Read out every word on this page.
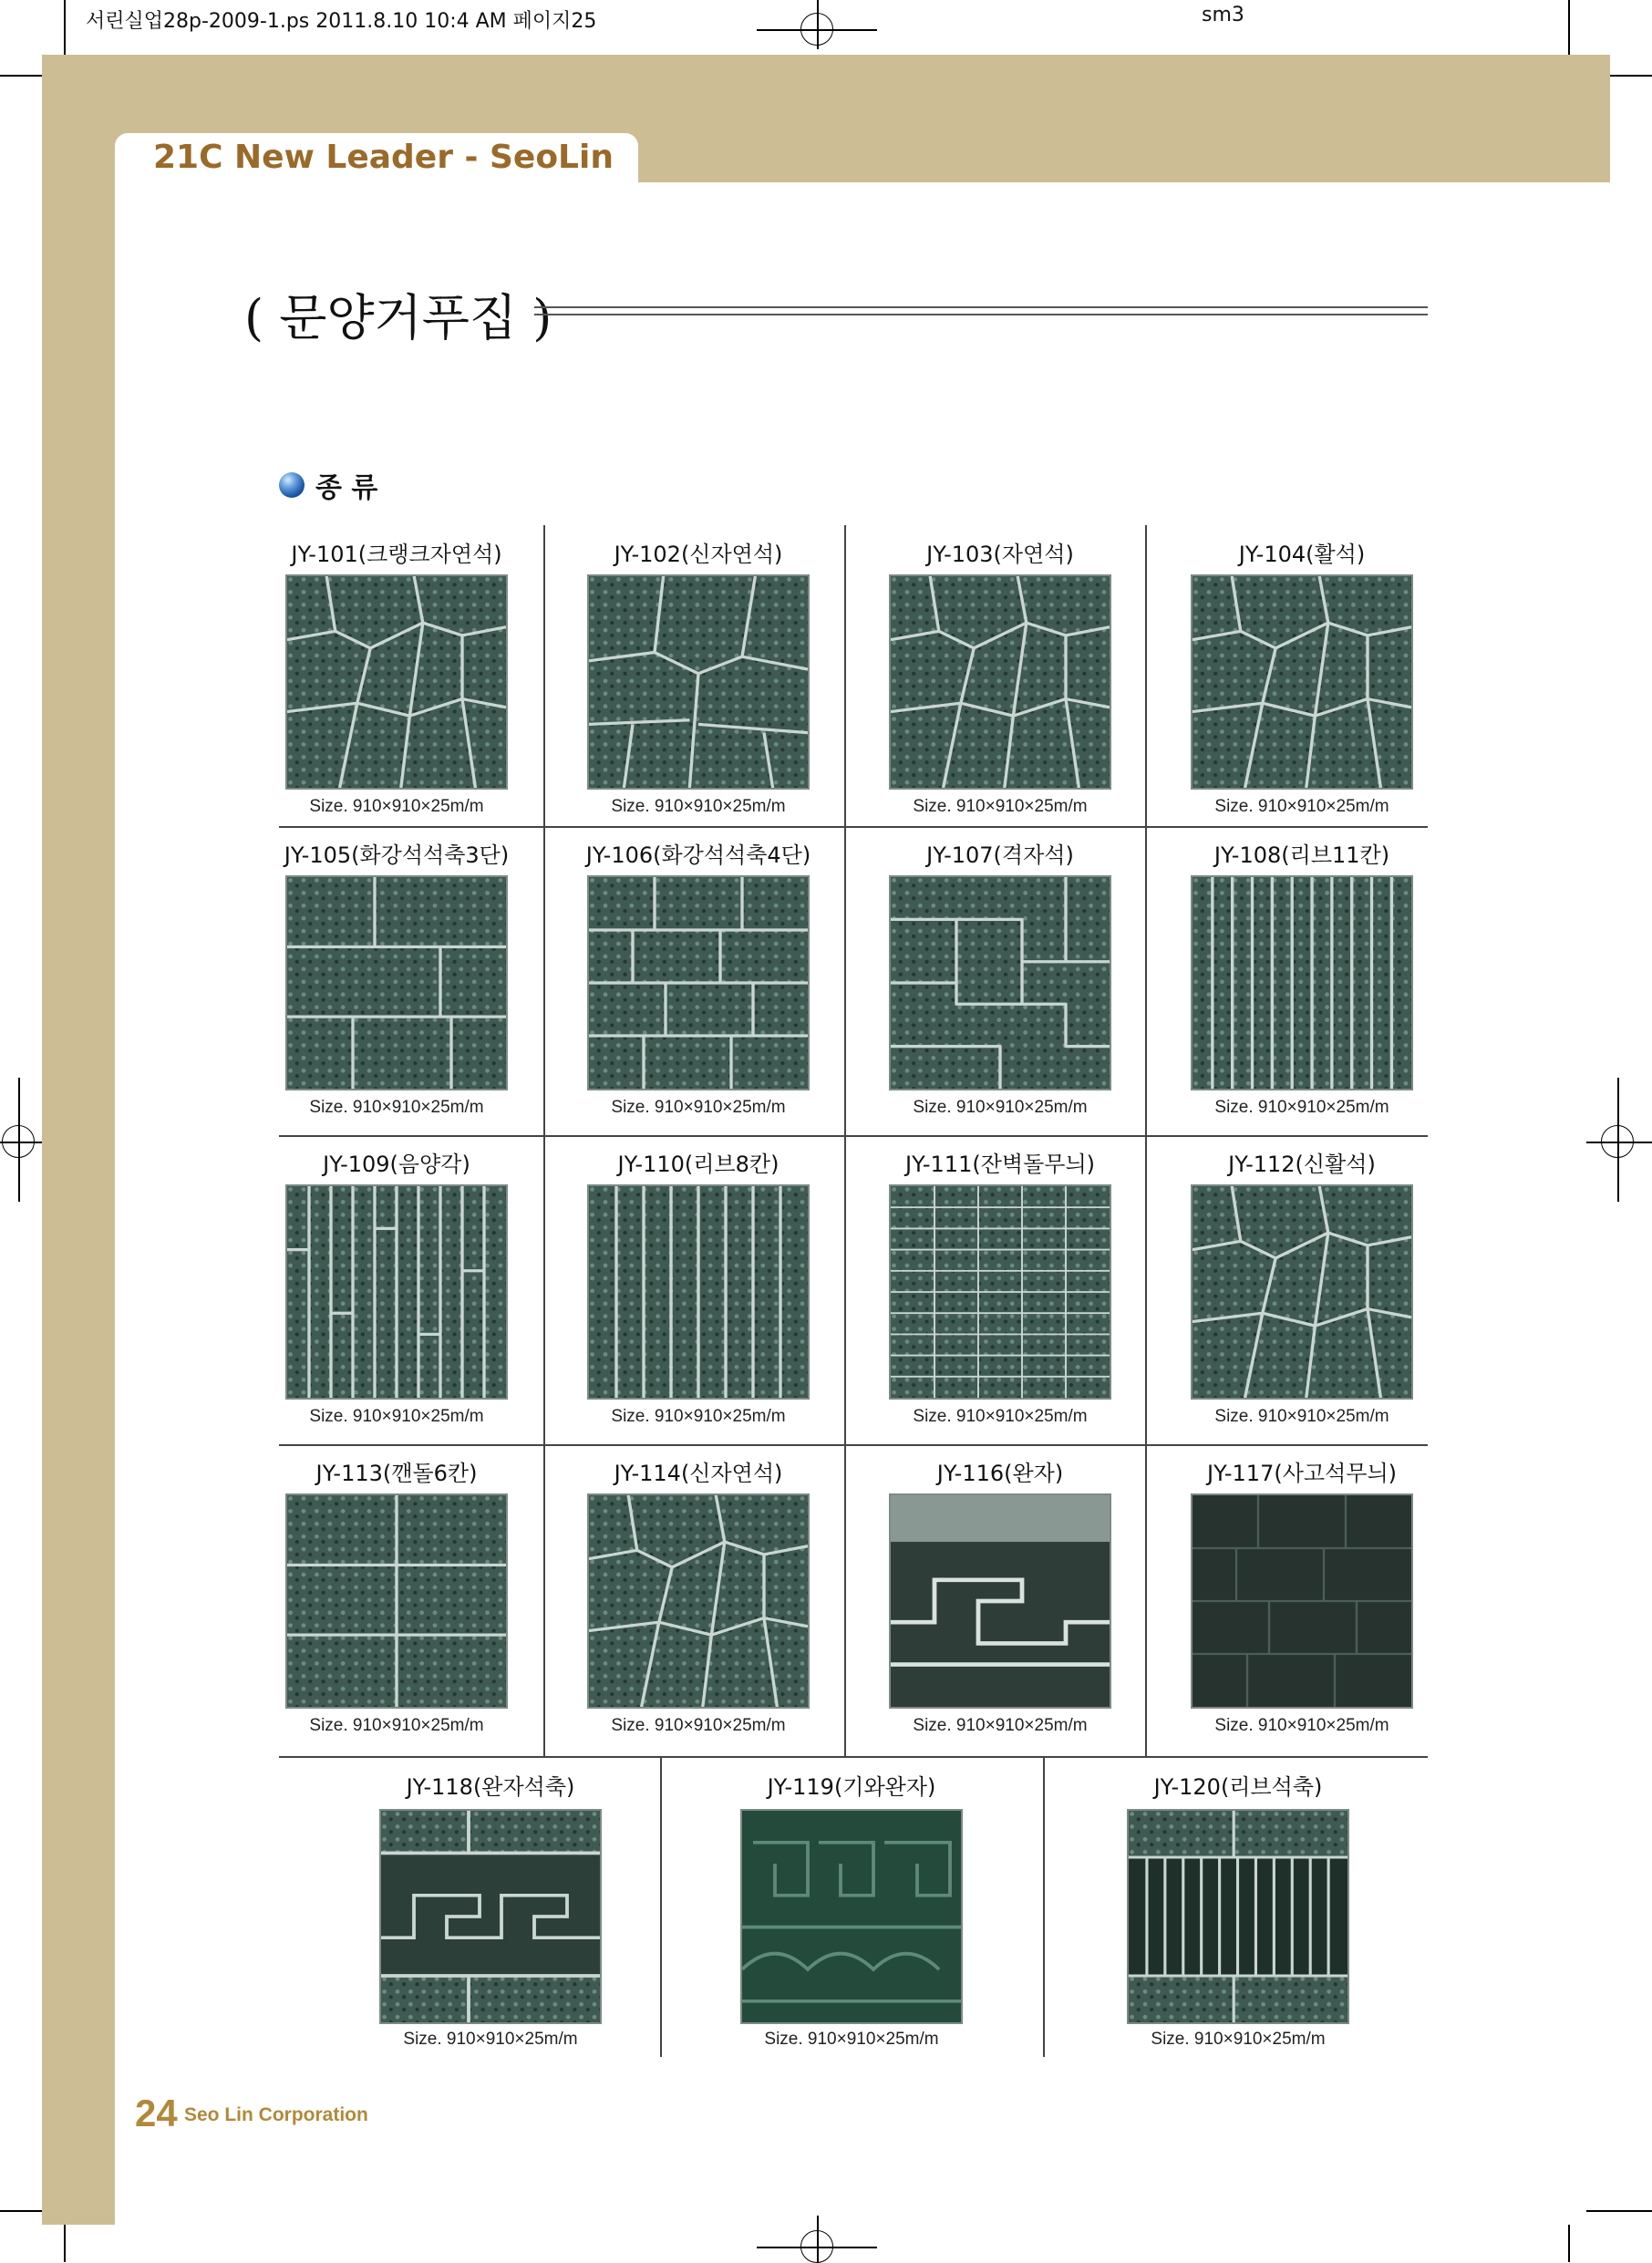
서린실업28p-2009-1.ps 2011.8.10 10:4 AM 페이지25	sm3
21C New Leader - SeoLin
( 문양거푸집 )
종 류
JY-101(크랭크자연석)
Size. 910×910×25m/m
JY-102(신자연석)
Size. 910×910×25m/m
JY-103(자연석)
Size. 910×910×25m/m
JY-104(활석)
Size. 910×910×25m/m
JY-105(화강석석축3단)
Size. 910×910×25m/m
JY-106(화강석석축4단)
Size. 910×910×25m/m
JY-107(격자석)
Size. 910×910×25m/m
JY-108(리브11칸)
Size. 910×910×25m/m
JY-109(음양각)
Size. 910×910×25m/m
JY-110(리브8칸)
Size. 910×910×25m/m
JY-111(잔벽돌무늬)
Size. 910×910×25m/m
JY-112(신활석)
Size. 910×910×25m/m
JY-113(깬돌6칸)
Size. 910×910×25m/m
JY-114(신자연석)
Size. 910×910×25m/m
JY-116(완자)
Size. 910×910×25m/m
JY-117(사고석무늬)
Size. 910×910×25m/m
JY-118(완자석축)
Size. 910×910×25m/m
JY-119(기와완자)
Size. 910×910×25m/m
JY-120(리브석축)
Size. 910×910×25m/m
24 Seo Lin Corporation
